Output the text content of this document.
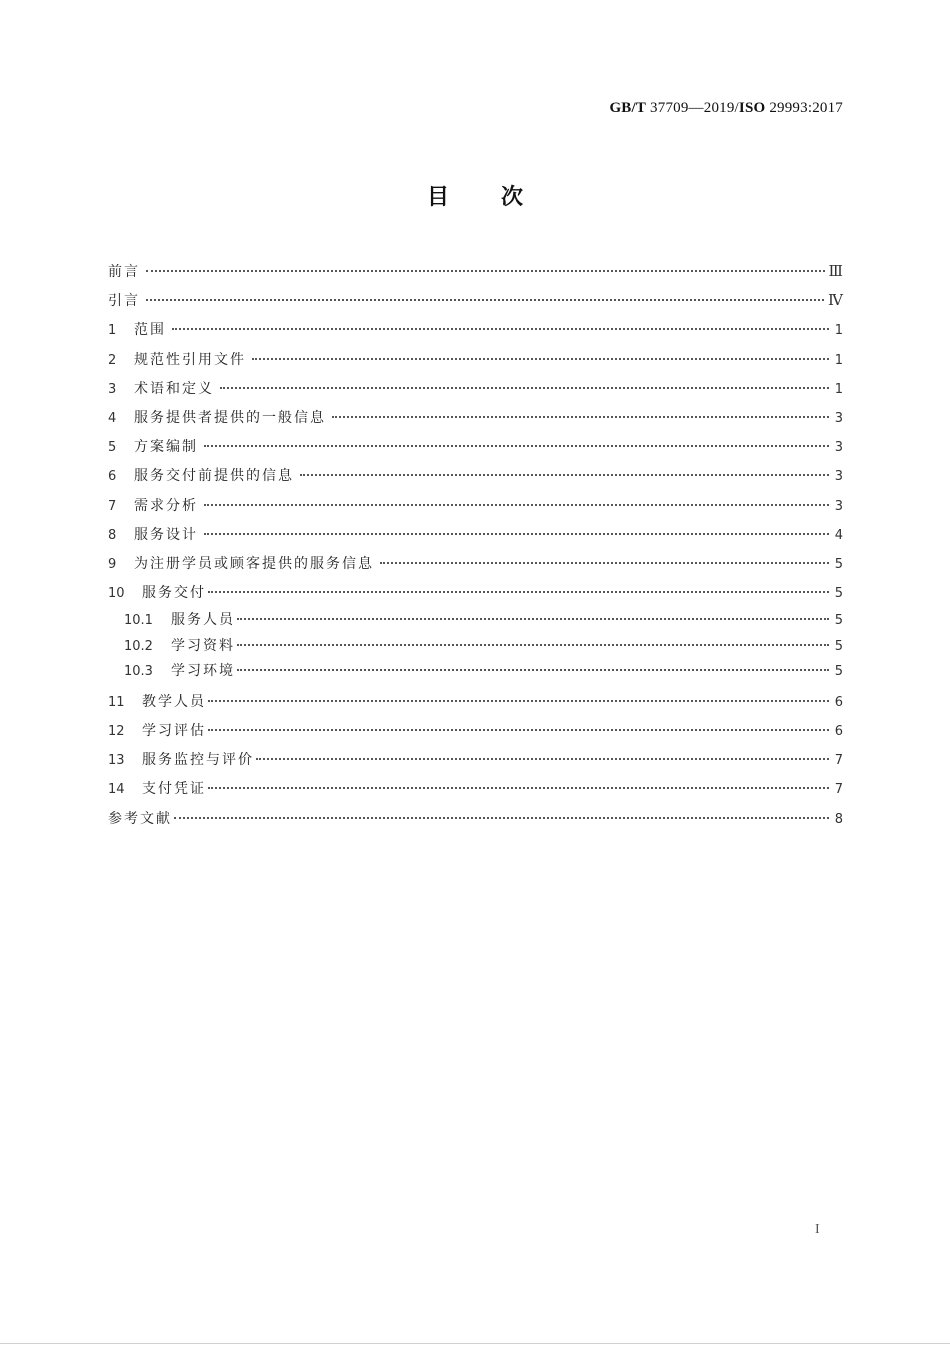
GB/T 37709—2019/ISO 29993:2017
目次
前言	Ⅲ
引言	Ⅳ
1	范围	1
2	规范性引用文件	1
3	术语和定义	1
4	服务提供者提供的一般信息	3
5	方案编制	3
6	服务交付前提供的信息	3
7	需求分析	3
8	服务设计	4
9	为注册学员或顾客提供的服务信息	5
10	服务交付	5
10.1	服务人员	5
10.2	学习资料	5
10.3	学习环境	5
11	教学人员	6
12	学习评估	6
13	服务监控与评价	7
14	支付凭证	7
参考文献	8
I
